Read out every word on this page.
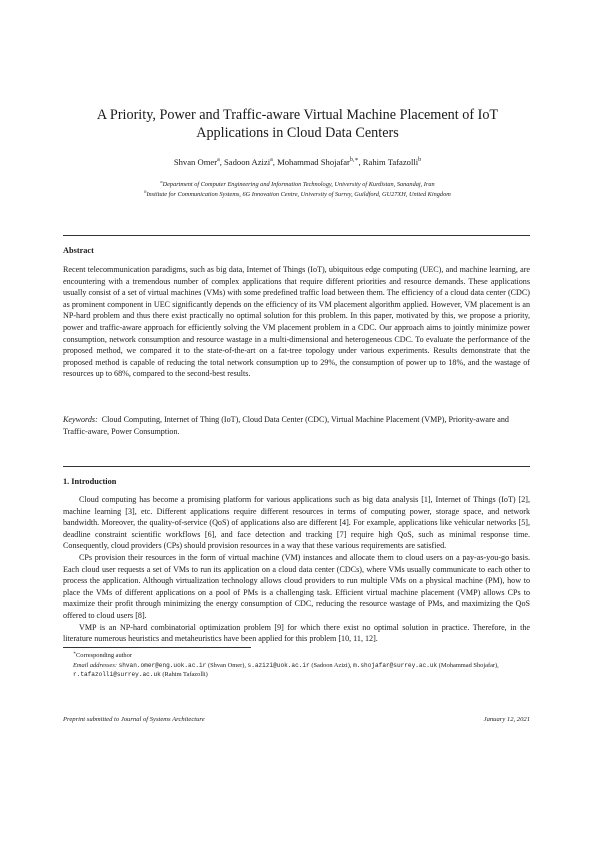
A Priority, Power and Traffic-aware Virtual Machine Placement of IoT
Applications in Cloud Data Centers
Shvan Omer$^a$, Sadoon Azizi$^a$, Mohammad Shojafar$^{b,∗}$, Rahim Tafazolli$^b$
$^a$Department of Computer Engineering and Information Technology, University of Kurdistan, Sanandaj, Iran
$^b$Institute for Communication Systems, 6G Innovation Centre, University of Surrey, Guildford, GU27XH, United Kingdom
Abstract

Recent telecommunication paradigms, such as big data, Internet of Things (IoT), ubiquitous edge computing (UEC), and machine learning, are encountering with a tremendous number of complex applications that require different priorities and resource demands. These applications usually consist of a set of virtual machines (VMs) with some predefined traffic load between them. The efficiency of a cloud data center (CDC) as prominent component in UEC significantly depends on the efficiency of its VM placement algorithm applied. However, VM placement is an NP-hard problem and thus there exist practically no optimal solution for this problem. In this paper, motivated by this, we propose a priority, power and traffic-aware approach for efficiently solving the VM placement problem in a CDC. Our approach aims to jointly minimize power consumption, network consumption and resource wastage in a multi-dimensional and heterogeneous CDC. To evaluate the performance of the proposed method, we compared it to the state-of-the-art on a fat-tree topology under various experiments. Results demonstrate that the proposed method is capable of reducing the total network consumption up to 29%, the consumption of power up to 18%, and the wastage of resources up to 68%, compared to the second-best results.

Keywords: Cloud Computing, Internet of Thing (IoT), Cloud Data Center (CDC), Virtual Machine Placement (VMP), Priority-aware and Traffic-aware, Power Consumption.

1. Introduction

Cloud computing has become a promising platform for various applications such as big data analysis [1], Internet of Things (IoT) [2], machine learning [3], etc. Different applications require different resources in terms of computing power, storage space, and network bandwidth. Moreover, the quality-of-service (QoS) of applications also are different [4]. For example, applications like vehicular networks [5], deadline constraint scientific workflows [6], and face detection and tracking [7] require high QoS, such as minimal response time. Consequently, cloud providers (CPs) should provision resources in a way that these various requirements are satisfied.

CPs provision their resources in the form of virtual machine (VM) instances and allocate them to cloud users on a pay-as-you-go basis. Each cloud user requests a set of VMs to run its application on a cloud data center (CDCs), where VMs usually communicate to each other to process the application. Although virtualization technology allows cloud providers to run multiple VMs on a physical machine (PM), how to place the VMs of different applications on a pool of PMs is a challenging task. Efficient virtual machine placement (VMP) allows CPs to maximize their profit through minimizing the energy consumption of CDC, reducing the resource wastage of PMs, and maximizing the QoS offered to cloud users [8].

VMP is an NP-hard combinatorial optimization problem [9] for which there exist no optimal solution in practice. Therefore, in the literature numerous heuristics and metaheuristics have been applied for this problem [10, 11, 12].

∗Corresponding author
Email addresses: shvan.omer@eng.uok.ac.ir (Shvan Omer), s.azizi@uok.ac.ir (Sadoon Azizi), m.shojafar@surrey.ac.uk (Mohammad Shojafar), r.tafazolli@surrey.ac.uk (Rahim Tafazolli)
Preprint submitted to Journal of Systems Architecture	January 12, 2021
